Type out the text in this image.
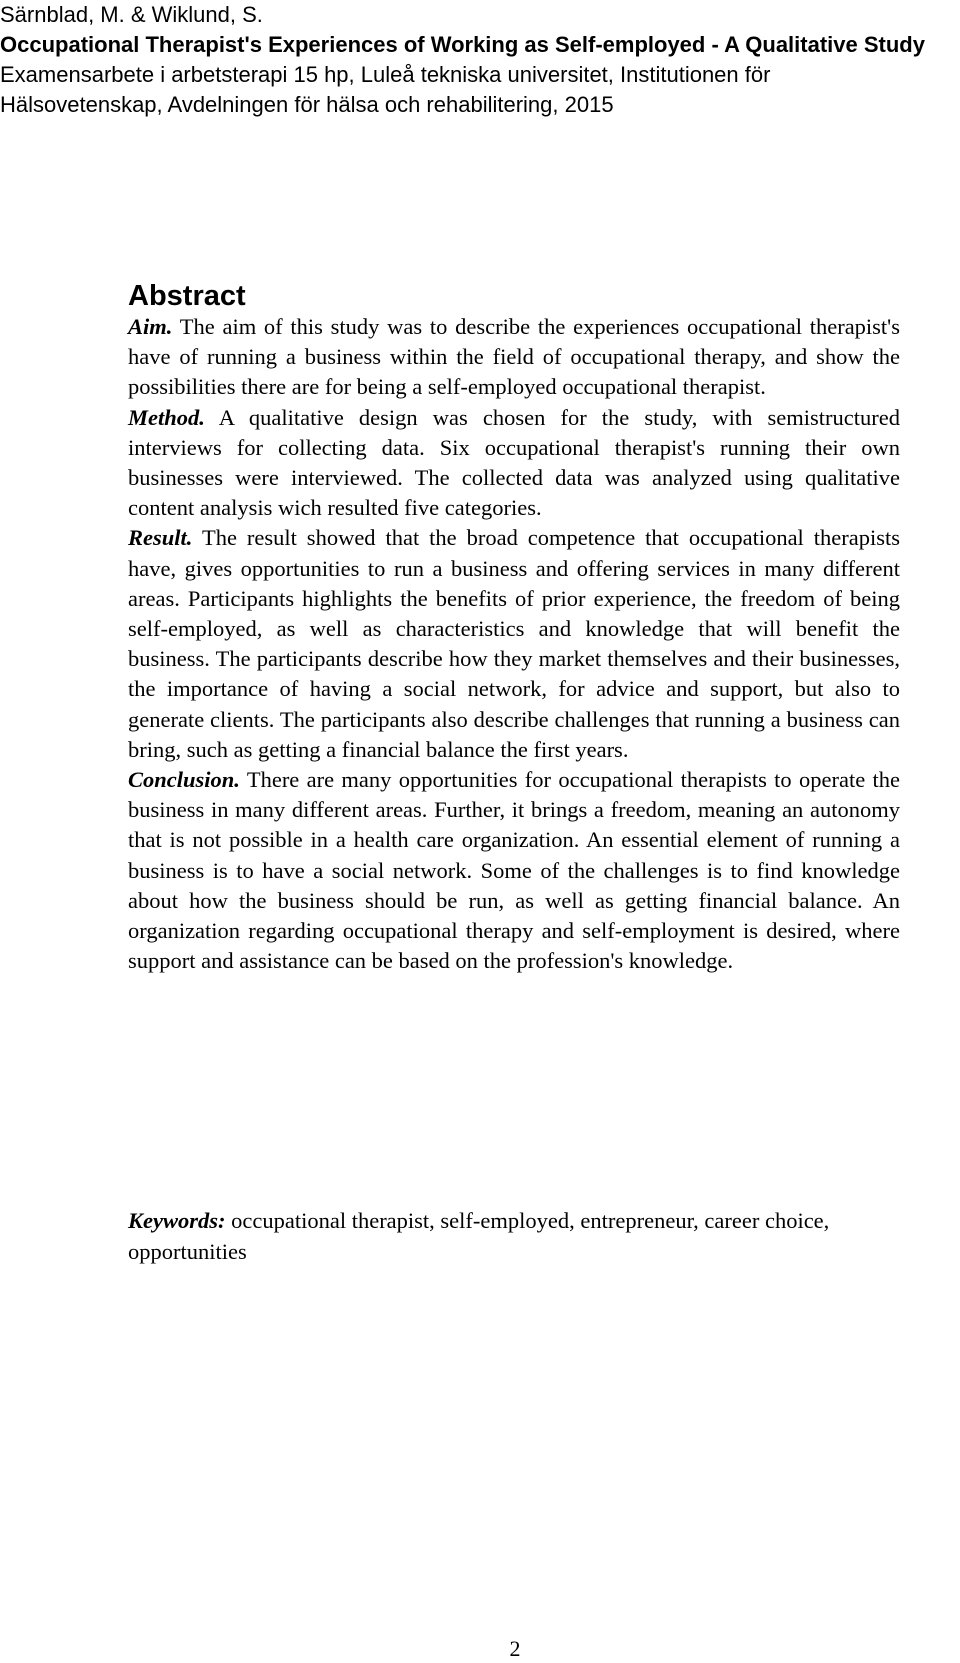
Särnblad, M. & Wiklund, S.
Occupational Therapist's Experiences of Working as Self-employed - A Qualitative Study
Examensarbete i arbetsterapi 15 hp, Luleå tekniska universitet, Institutionen för
Hälsovetenskap, Avdelningen för hälsa och rehabilitering, 2015
Abstract

Aim. The aim of this study was to describe the experiences occupational therapist's have of running a business within the field of occupational therapy, and show the possibilities there are for being a self-employed occupational therapist.

Method. A qualitative design was chosen for the study, with semistructured interviews for collecting data. Six occupational therapist's running their own businesses were interviewed. The collected data was analyzed using qualitative content analysis wich resulted five categories.

Result. The result showed that the broad competence that occupational therapists have, gives opportunities to run a business and offering services in many different areas. Participants highlights the benefits of prior experience, the freedom of being self-employed, as well as characteristics and knowledge that will benefit the business. The participants describe how they market themselves and their businesses, the importance of having a social network, for advice and support, but also to generate clients. The participants also describe challenges that running a business can bring, such as getting a financial balance the first years.

Conclusion. There are many opportunities for occupational therapists to operate the business in many different areas. Further, it brings a freedom, meaning an autonomy that is not possible in a health care organization. An essential element of running a business is to have a social network. Some of the challenges is to find knowledge about how the business should be run, as well as getting financial balance. An organization regarding occupational therapy and self-employment is desired, where support and assistance can be based on the profession's knowledge.

Keywords: occupational therapist, self-employed, entrepreneur, career choice, opportunities

2
